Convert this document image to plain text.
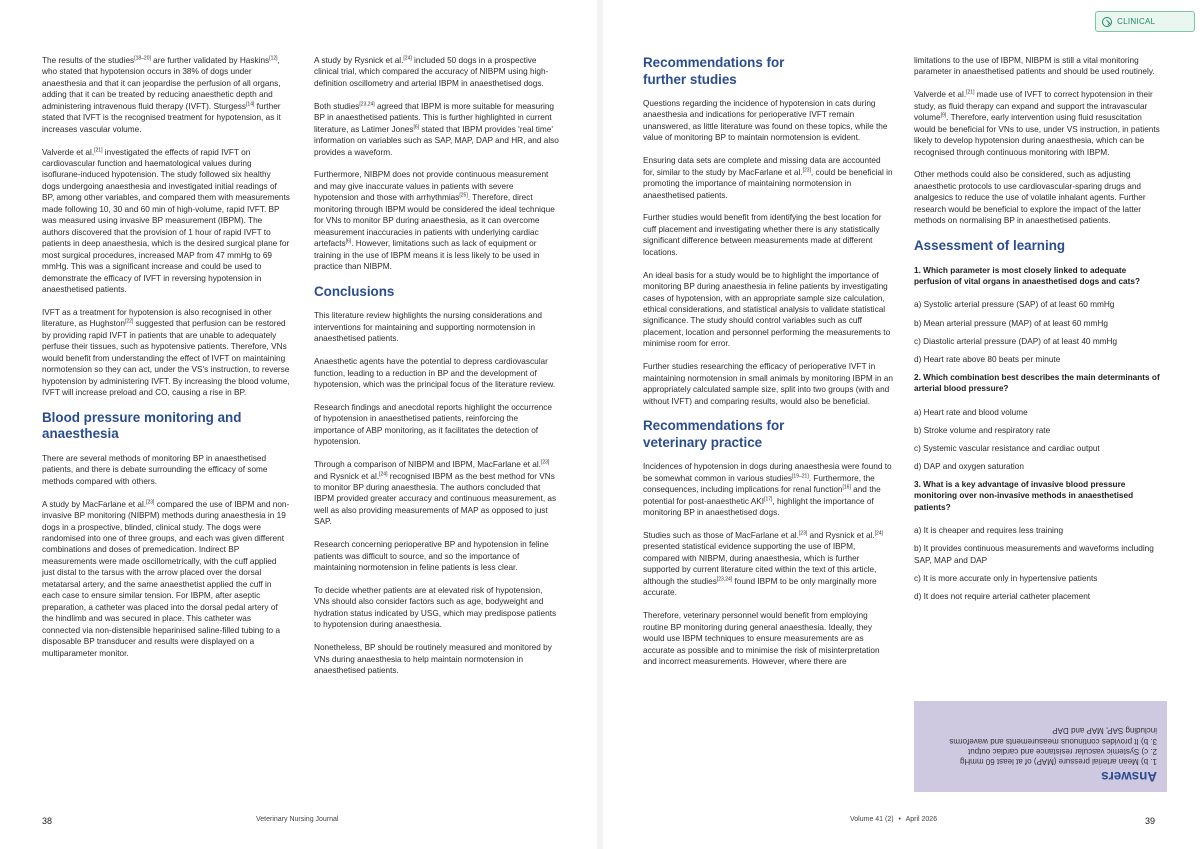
The results of the studies[18–20] are further validated by Haskins[12], who stated that hypotension occurs in 38% of dogs under anaesthesia and that it can jeopardise the perfusion of all organs, adding that it can be treated by reducing anaesthetic depth and administering intravenous fluid therapy (IVFT). Sturgess[14] further stated that IVFT is the recognised treatment for hypotension, as it increases vascular volume.

Valverde et al.[21] investigated the effects of rapid IVFT on cardiovascular function and haematological values during isoflurane-induced hypotension. The study followed six healthy dogs undergoing anaesthesia and investigated initial readings of BP, among other variables, and compared them with measurements made following 10, 30 and 60 min of high-volume, rapid IVFT. BP was measured using invasive BP measurement (IBPM). The authors discovered that the provision of 1 hour of rapid IVFT to patients in deep anaesthesia, which is the desired surgical plane for most surgical procedures, increased MAP from 47 mmHg to 69 mmHg. This was a significant increase and could be used to demonstrate the efficacy of IVFT in reversing hypotension in anaesthetised patients.

IVFT as a treatment for hypotension is also recognised in other literature, as Hughston[22] suggested that perfusion can be restored by providing rapid IVFT in patients that are unable to adequately perfuse their tissues, such as hypotensive patients. Therefore, VNs would benefit from understanding the effect of IVFT on maintaining normotension so they can act, under the VS's instruction, to reverse hypotension by administering IVFT. By increasing the blood volume, IVFT will increase preload and CO, causing a rise in BP.

Blood pressure monitoring and anaesthesia

There are several methods of monitoring BP in anaesthetised patients, and there is debate surrounding the efficacy of some methods compared with others.

A study by MacFarlane et al.[23] compared the use of IBPM and non-invasive BP monitoring (NIBPM) methods during anaesthesia in 19 dogs in a prospective, blinded, clinical study. The dogs were randomised into one of three groups, and each was given different combinations and doses of premedication. Indirect BP measurements were made oscillometrically, with the cuff applied just distal to the tarsus with the arrow placed over the dorsal metatarsal artery, and the same anaesthetist applied the cuff in each case to ensure similar tension. For IBPM, after aseptic preparation, a catheter was placed into the dorsal pedal artery of the hindlimb and was secured in place. This catheter was connected via non-distensible heparinised saline-filled tubing to a disposable BP transducer and results were displayed on a multiparameter monitor.

A study by Rysnick et al.[24] included 50 dogs in a prospective clinical trial, which compared the accuracy of NIBPM using high-definition oscillometry and arterial IBPM in anaesthetised dogs.

Both studies[23,24] agreed that IBPM is more suitable for measuring BP in anaesthetised patients. This is further highlighted in current literature, as Latimer Jones[6] stated that IBPM provides 'real time' information on variables such as SAP, MAP, DAP and HR, and also provides a waveform.

Furthermore, NIBPM does not provide continuous measurement and may give inaccurate values in patients with severe hypotension and those with arrhythmias[25]. Therefore, direct monitoring through IBPM would be considered the ideal technique for VNs to monitor BP during anaesthesia, as it can overcome measurement inaccuracies in patients with underlying cardiac artefacts[6]. However, limitations such as lack of equipment or training in the use of IBPM means it is less likely to be used in practice than NIBPM.

Conclusions

This literature review highlights the nursing considerations and interventions for maintaining and supporting normotension in anaesthetised patients.

Anaesthetic agents have the potential to depress cardiovascular function, leading to a reduction in BP and the development of hypotension, which was the principal focus of the literature review.

Research findings and anecdotal reports highlight the occurrence of hypotension in anaesthetised patients, reinforcing the importance of ABP monitoring, as it facilitates the detection of hypotension.

Through a comparison of NIBPM and IBPM, MacFarlane et al.[23] and Rysnick et al.[24] recognised IBPM as the best method for VNs to monitor BP during anaesthesia. The authors concluded that IBPM provided greater accuracy and continuous measurement, as well as also providing measurements of MAP as opposed to just SAP.

Research concerning perioperative BP and hypotension in feline patients was difficult to source, and so the importance of maintaining normotension in feline patients is less clear.

To decide whether patients are at elevated risk of hypotension, VNs should also consider factors such as age, bodyweight and hydration status indicated by USG, which may predispose patients to hypotension during anaesthesia.

Nonetheless, BP should be routinely measured and monitored by VNs during anaesthesia to help maintain normotension in anaesthetised patients.

38	Veterinary Nursing Journal
CLINICAL
Recommendations for further studies

Questions regarding the incidence of hypotension in cats during anaesthesia and indications for perioperative IVFT remain unanswered, as little literature was found on these topics, while the value of monitoring BP to maintain normotension is evident.

Ensuring data sets are complete and missing data are accounted for, similar to the study by MacFarlane et al.[23], could be beneficial in promoting the importance of maintaining normotension in anaesthetised patients.

Further studies would benefit from identifying the best location for cuff placement and investigating whether there is any statistically significant difference between measurements made at different locations.

An ideal basis for a study would be to highlight the importance of monitoring BP during anaesthesia in feline patients by investigating cases of hypotension, with an appropriate sample size calculation, ethical considerations, and statistical analysis to validate statistical significance. The study should control variables such as cuff placement, location and personnel performing the measurements to minimise room for error.

Further studies researching the efficacy of perioperative IVFT in maintaining normotension in small animals by monitoring IBPM in an appropriately calculated sample size, split into two groups (with and without IVFT) and comparing results, would also be beneficial.

Recommendations for veterinary practice

Incidences of hypotension in dogs during anaesthesia were found to be somewhat common in various studies[19–21]. Furthermore, the consequences, including implications for renal function[16] and the potential for post-anaesthetic AKI[17], highlight the importance of monitoring BP in anaesthetised dogs.

Studies such as those of MacFarlane et al.[23] and Rysnick et al.[24] presented statistical evidence supporting the use of IBPM, compared with NIBPM, during anaesthesia, which is further supported by current literature cited within the text of this article, although the studies[23,24] found IBPM to be only marginally more accurate.

Therefore, veterinary personnel would benefit from employing routine BP monitoring during general anaesthesia. Ideally, they would use IBPM techniques to ensure measurements are as accurate as possible and to minimise the risk of misinterpretation and incorrect measurements. However, where there are

limitations to the use of IBPM, NIBPM is still a vital monitoring parameter in anaesthetised patients and should be used routinely.

Valverde et al.[21] made use of IVFT to correct hypotension in their study, as fluid therapy can expand and support the intravascular volume[9]. Therefore, early intervention using fluid resuscitation would be beneficial for VNs to use, under VS instruction, in patients likely to develop hypotension during anaesthesia, which can be recognised through continuous monitoring with IBPM.

Other methods could also be considered, such as adjusting anaesthetic protocols to use cardiovascular-sparing drugs and analgesics to reduce the use of volatile inhalant agents. Further research would be beneficial to explore the impact of the latter methods on normalising BP in anaesthetised patients.

Assessment of learning
1. Which parameter is most closely linked to adequate perfusion of vital organs in anaesthetised dogs and cats?
a) Systolic arterial pressure (SAP) of at least 60 mmHg
b) Mean arterial pressure (MAP) of at least 60 mmHg
c) Diastolic arterial pressure (DAP) of at least 40 mmHg
d) Heart rate above 80 beats per minute
2. Which combination best describes the main determinants of arterial blood pressure?
a) Heart rate and blood volume
b) Stroke volume and respiratory rate
c) Systemic vascular resistance and cardiac output
d) DAP and oxygen saturation
3. What is a key advantage of invasive blood pressure monitoring over non-invasive methods in anaesthetised patients?
a) It is cheaper and requires less training
b) It provides continuous measurements and waveforms including SAP, MAP and DAP
c) It is more accurate only in hypertensive patients
d) It does not require arterial catheter placement
Answers
1. b) Mean arterial pressure (MAP) of at least 60 mmHg
2. c) Systemic vascular resistance and cardiac output
3. b) It provides continuous measurements and waveforms including SAP, MAP and DAP
Volume 41 (2) • April 2026	39
